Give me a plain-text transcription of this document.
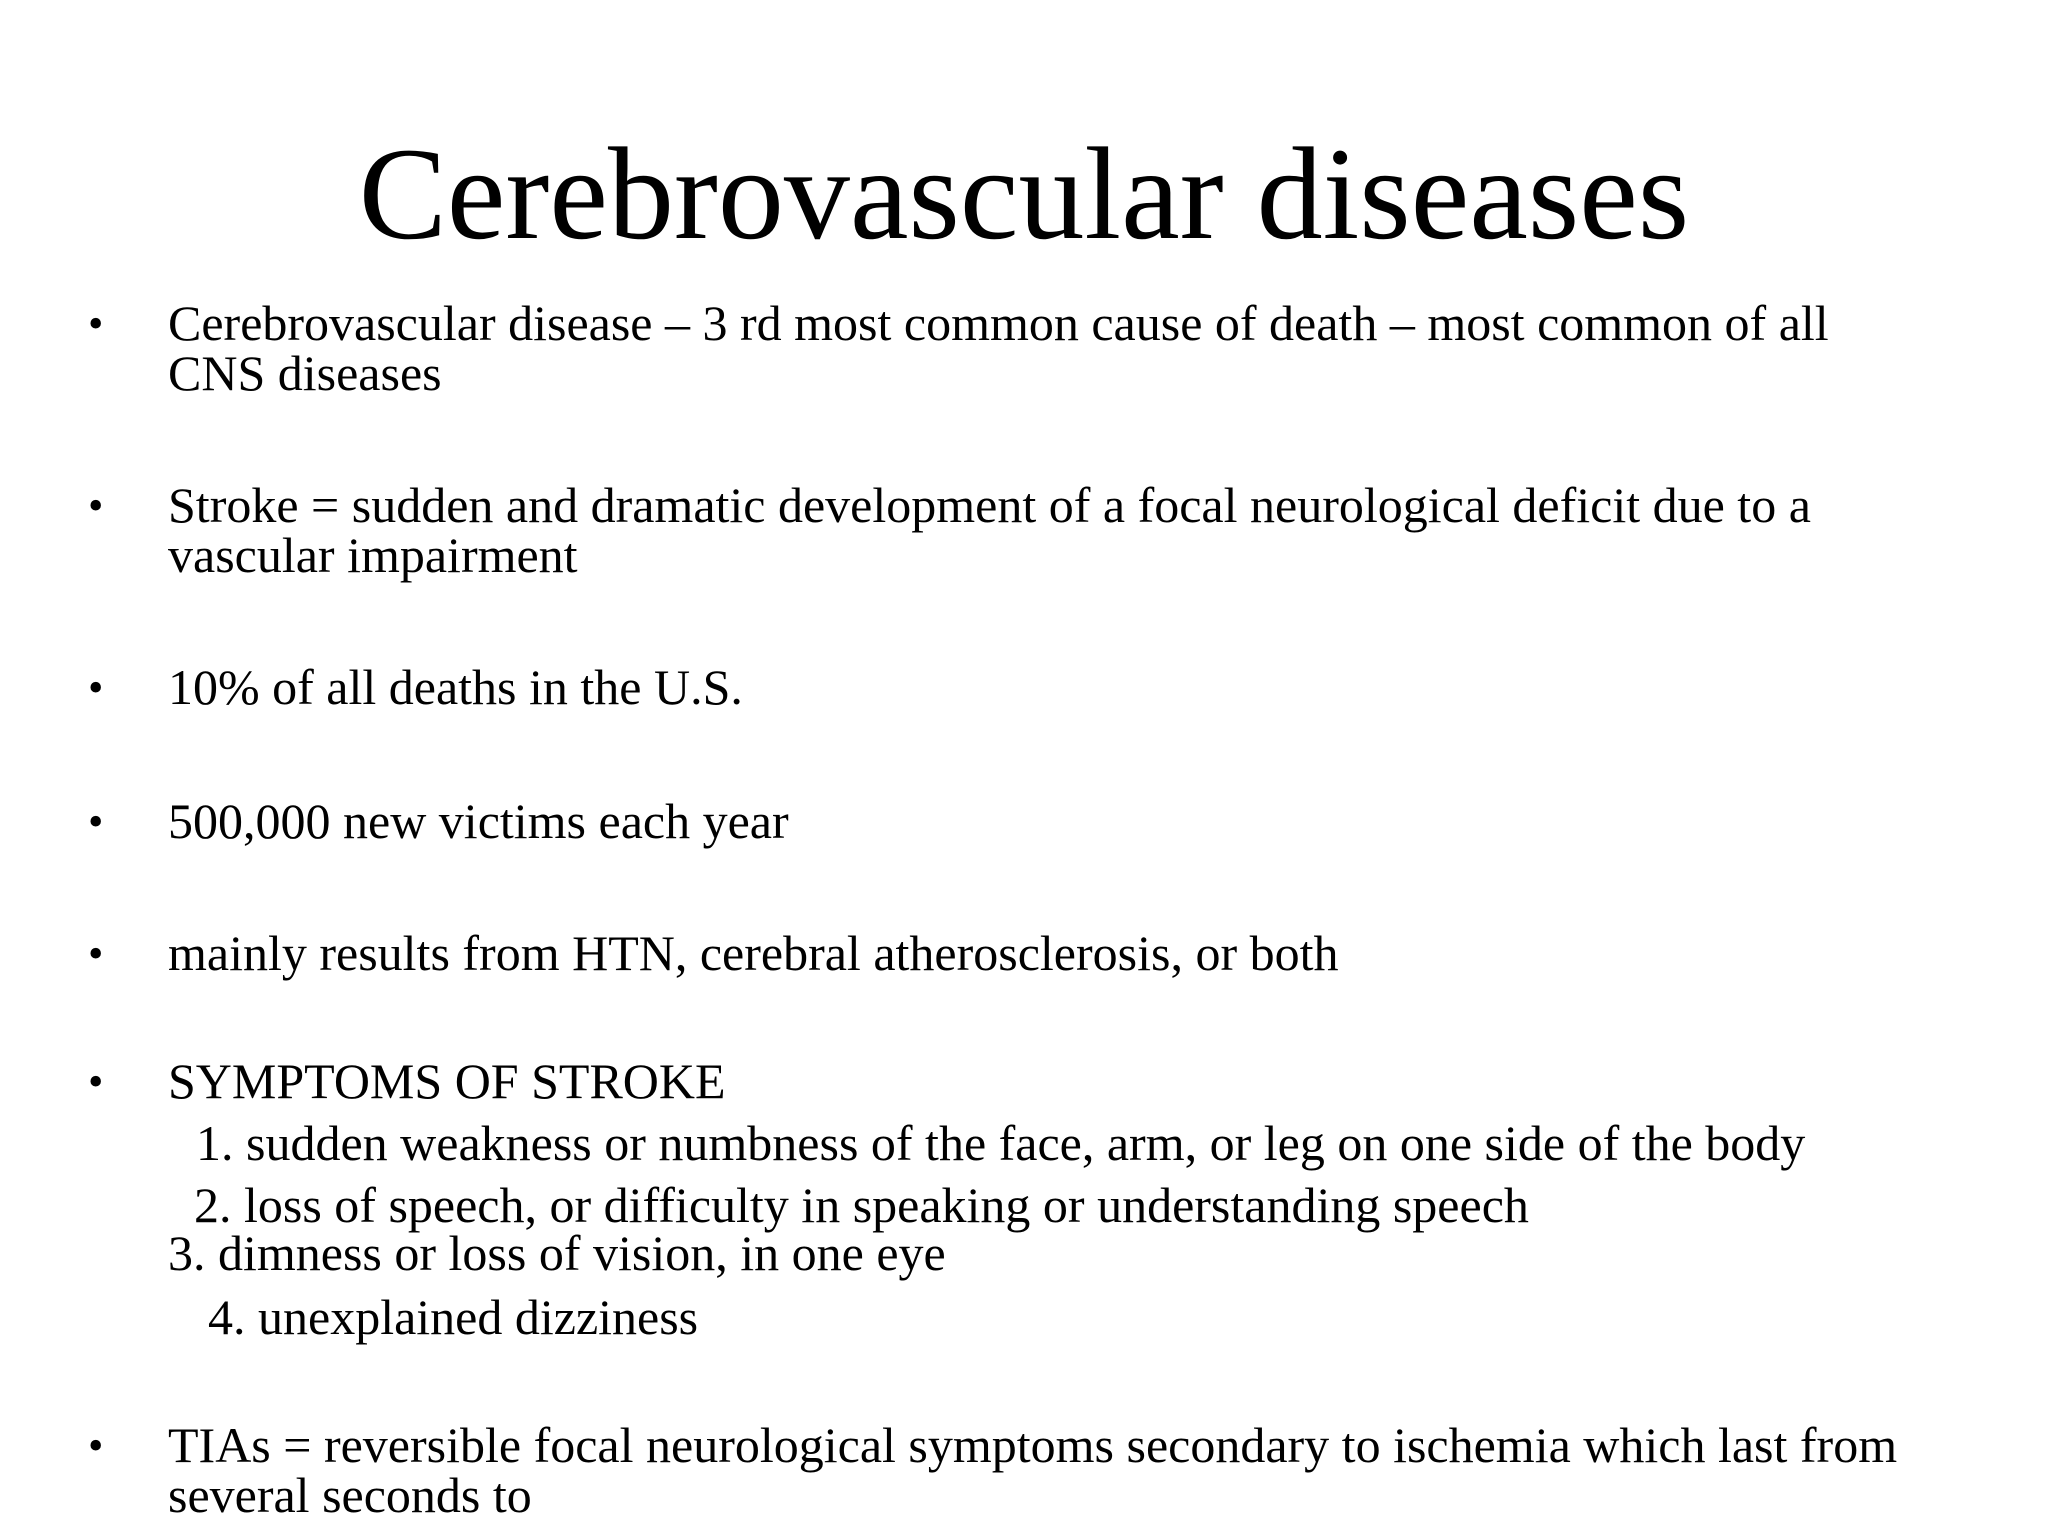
Cerebrovascular diseases
• Cerebrovascular disease – 3 rd most common cause of death – most common of all
CNS diseases
• Stroke = sudden and dramatic development of a focal neurological deficit due to a
vascular impairment
• 10% of all deaths in the U.S.
• 500,000 new victims each year
• mainly results from HTN, cerebral atherosclerosis, or both
• SYMPTOMS OF STROKE
1. sudden weakness or numbness of the face, arm, or leg on one side of the body
2. loss of speech, or difficulty in speaking or understanding speech
3. dimness or loss of vision, in one eye
4. unexplained dizziness
• TIAs = reversible focal neurological symptoms secondary to ischemia which last from
several seconds to
